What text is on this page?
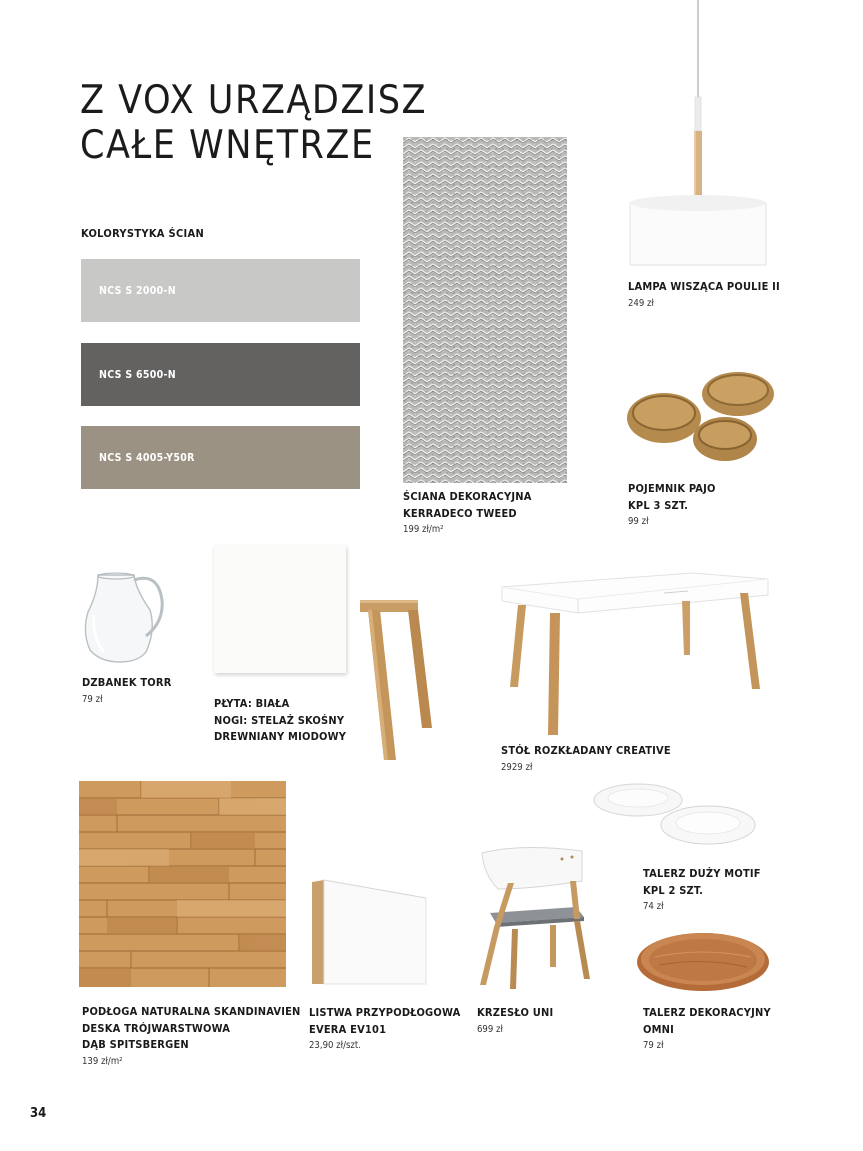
Z VOX URZĄDZISZ
CAŁE WNĘTRZE
KOLORYSTYKA ŚCIAN
NCS S 2000-N
NCS S 6500-N
NCS S 4005-Y50R
ŚCIANA DEKORACYJNA
KERRADECO TWEED
199 zł/m²
LAMPA WISZĄCA POULIE II
249 zł
POJEMNIK PAJO
KPL 3 SZT.
99 zł
DZBANEK TORR
79 zł	PŁYTA: BIAŁA
NOGI: STELAŻ SKOŚNY
DREWNIANY MIODOWY
STÓŁ ROZKŁADANY CREATIVE
2929 zł
TALERZ DUŻY MOTIF
KPL 2 SZT.
74 zł
PODŁOGA NATURALNA SKANDINAVIEN
DESKA TRÓJWARSTWOWA
DĄB SPITSBERGEN
139 zł/m²
LISTWA PRZYPODŁOGOWA
EVERA EV101
23,90 zł/szt.
KRZESŁO UNI
699 zł
TALERZ DEKORACYJNY
OMNI
79 zł
34
